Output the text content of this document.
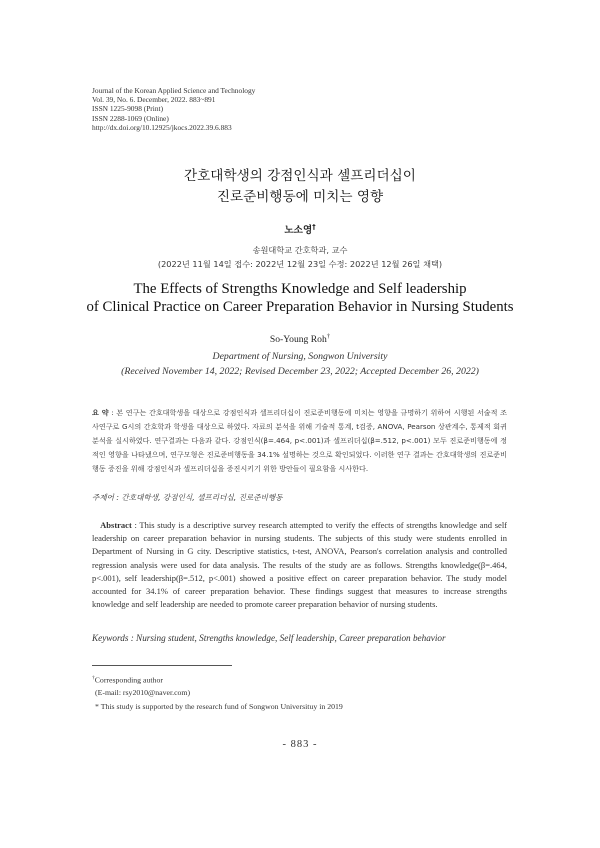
Journal of the Korean Applied Science and Technology
Vol. 39, No. 6. December, 2022. 883~891
ISSN 1225-9098 (Print)
ISSN 2288-1069 (Online)
http://dx.doi.org/10.12925/jkocs.2022.39.6.883
간호대학생의 강점인식과 셀프리더십이
진로준비행동에 미치는 영향
노소영†
송원대학교 간호학과, 교수
(2022년 11월 14일 접수: 2022년 12월 23일 수정: 2022년 12월 26일 채택)
The Effects of Strengths Knowledge and Self leadership
of Clinical Practice on Career Preparation Behavior in Nursing Students
So-Young Roh†
Department of Nursing, Songwon University
(Received November 14, 2022; Revised December 23, 2022; Accepted December 26, 2022)
요 약 : 본 연구는 간호대학생을 대상으로 강점인식과 셀프리더십이 진로준비행동에 미치는 영향을 규명하기 위하여 시행된 서술적 조사연구로 G시의 간호학과 학생을 대상으로 하였다. 자료의 분석을 위해 기술적 통계, t검증, ANOVA, Pearson 상관계수, 통제적 회귀분석을 실시하였다. 연구결과는 다음과 같다. 강점인식(β=.464, p<.001)과 셀프리더십(β=.512, p<.001) 모두 진로준비행동에 정적인 영향을 나타냈으며, 연구모형은 진로준비행동을 34.1% 설명하는 것으로 확인되었다. 이러한 연구 결과는 간호대학생의 진로준비행동 증진을 위해 강점인식과 셀프리더십을 증진시키기 위한 방안들이 필요함을 시사한다.
주제어 : 간호대학생, 강점인식, 셀프리더십, 진로준비행동
Abstract : This study is a descriptive survey research attempted to verify the effects of strengths knowledge and self leadership on career preparation behavior in nursing students. The subjects of this study were students enrolled in Department of Nursing in G city. Descriptive statistics, t-test, ANOVA, Pearson's correlation analysis and controlled regression analysis were used for data analysis. The results of the study are as follows. Strengths knowledge(β=.464, p<.001), self leadership(β=.512, p<.001) showed a positive effect on career preparation behavior. The study model accounted for 34.1% of career preparation behavior. These findings suggest that measures to increase strengths knowledge and self leadership are needed to promote career preparation behavior of nursing students.
Keywords : Nursing student, Strengths knowledge, Self leadership, Career preparation behavior
†Corresponding author
(E-mail: rsy2010@naver.com)
* This study is supported by the research fund of Songwon Universituy in 2019
- 883 -
